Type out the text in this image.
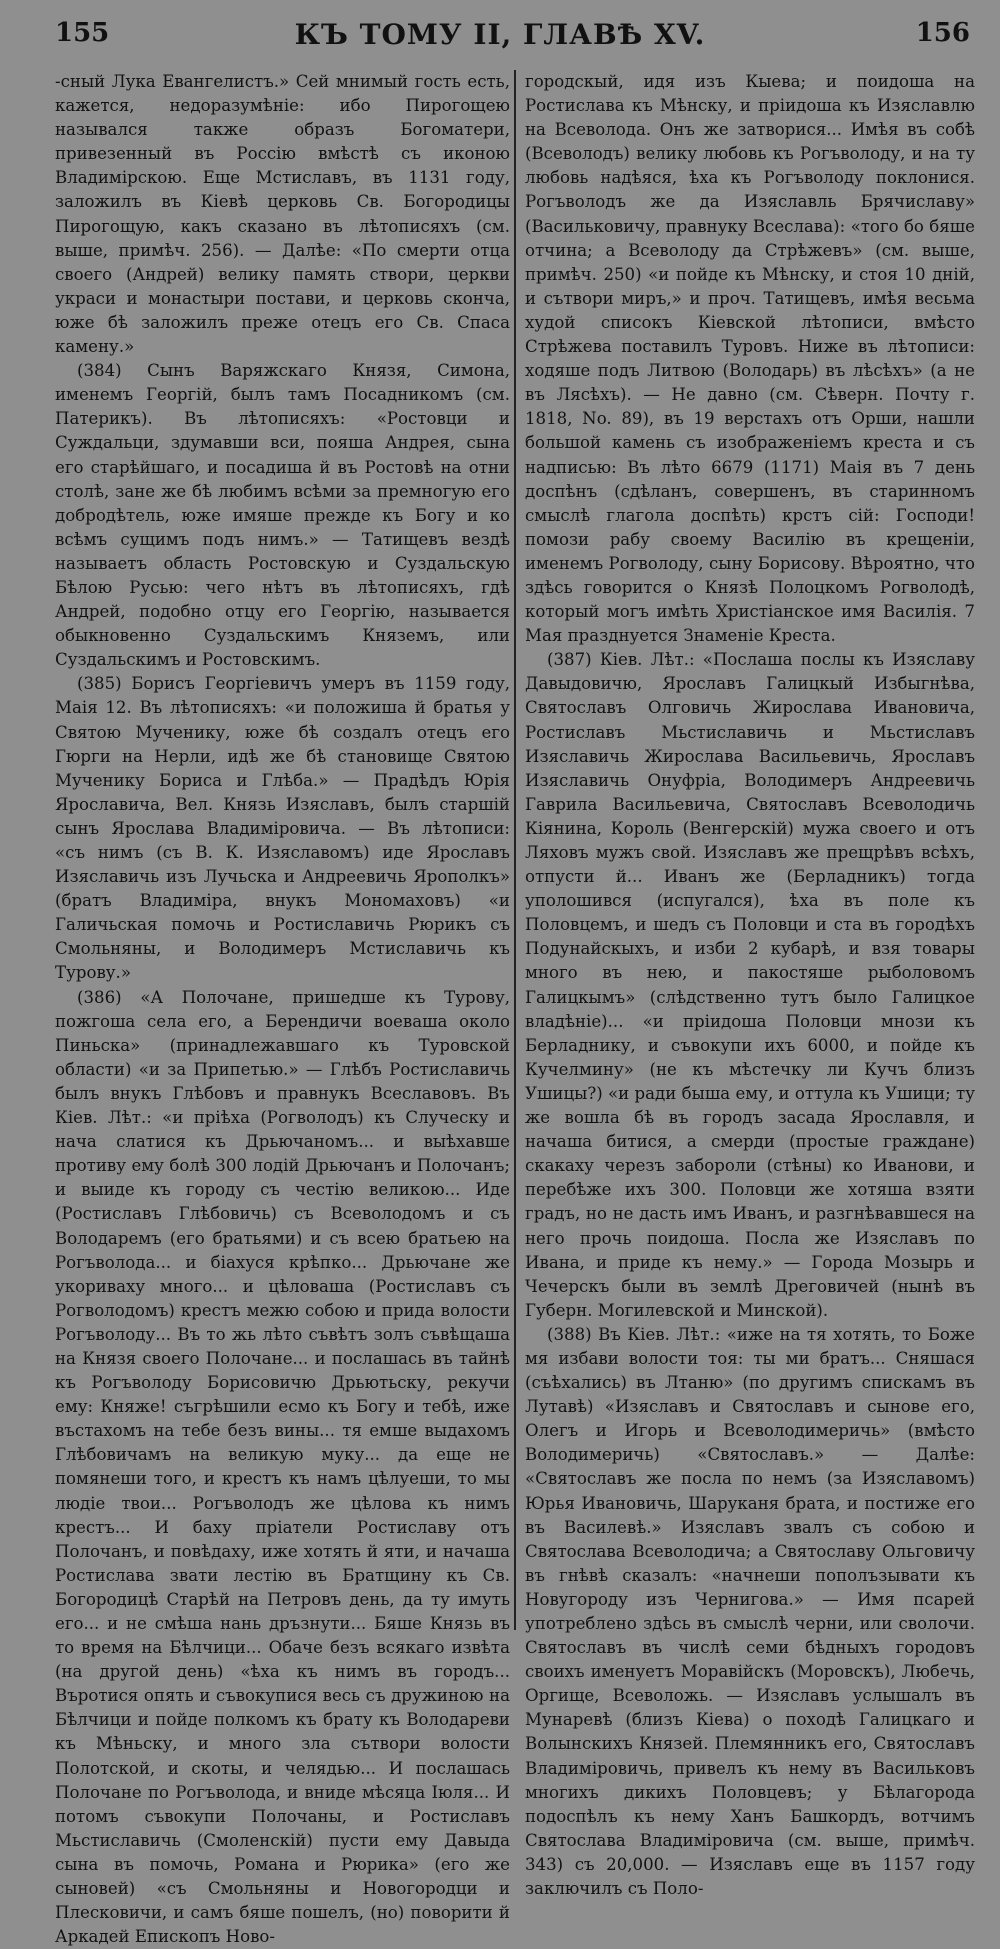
155	КЪ ТОМУ II, ГЛАВѢ XV.	156

-сный Лука Евангелистъ.» Сей мнимый гость есть, кажется, недоразумѣніе: ибо Пирогощею называлcя также образъ Богоматери, привезенный въ Россію вмѣстѣ съ иконою Владимірскою. Еще Мстиславъ, въ 1131 году, заложилъ въ Кіевѣ церковь Св. Богородицы Пирогощую, какъ сказано въ лѣтописяхъ (см. выше, примѣч. 256). — Далѣе: «По смерти отца своего (Андрей) велику память створи, церкви украси и монастыри постави, и церковь сконча, юже бѣ заложилъ преже отецъ его Св. Спаса камену.»

(384) Сынъ Варяжскаго Князя, Симона, именемъ Георгій, былъ тамъ Посадникомъ (см. Патерикъ). Въ лѣтописяхъ: «Ростовци и Суждальци, здумавши вси, пояша Андрея, сына его старѣйшаго, и посадиша й въ Ростовѣ на отни столѣ, зане же бѣ любимъ всѣми за премногую его добродѣтель, юже имяше прежде къ Богу и ко всѣмъ сущимъ подъ нимъ.» — Татищевъ вездѣ называетъ область Ростовскую и Суздальскую Бѣлою Русью: чего нѣтъ въ лѣтописяхъ, гдѣ Андрей, подобно отцу его Георгію, называется обыкновенно Суздальскимъ Княземъ, или Суздальскимъ и Ростовскимъ.

(385) Борисъ Георгіевичъ умеръ въ 1159 году, Маія 12. Въ лѣтописяхъ: «и положиша й братья у Святою Мученику, юже бѣ создалъ отецъ его Гюрги на Нерли, идѣ же бѣ становище Святою Мученику Бориса и Глѣба.» — Прадѣдъ Юрія Ярославича, Вел. Князь Изяславъ, былъ старшій сынъ Ярослава Владиміровича. — Въ лѣтописи: «съ нимъ (съ В. К. Изяславомъ) иде Ярославъ Изяславичь изъ Лучьска и Андреевичь Ярополкъ» (братъ Владиміра, внукъ Мономаховъ) «и Галичьская помочь и Ростиславичь Рюрикъ съ Смольняны, и Володимеръ Мстиславичь къ Турову.»

(386) «А Полочане, пришедше къ Турову, пожгоша села его, а Берендичи воеваша около Пиньска» (принадлежавшаго къ Туровской области) «и за Припетью.» — Глѣбъ Ростиславичь былъ внукъ Глѣбовъ и правнукъ Всеславовъ. Въ Кіев. Лѣт.: «и пріѣха (Рогволодъ) къ Случеску и нача слатися къ Дрьючаномъ... и выѣхавше противу ему болѣ 300 лодій Дрьючанъ и Полочанъ; и выиде къ городу съ честію великою... Иде (Ростиславъ Глѣбовичь) съ Всеволодомъ и съ Володаремъ (его братьями) и съ всею братьею на Рогъволода... и біахуся крѣпко... Дрьючане же укориваху много... и цѣловаша (Ростиславъ съ Рогволодомъ) крестъ межю собою и прида волости Рогъволоду... Въ то жь лѣто съвѣтъ золъ съвѣщаша на Князя своего Полочане... и послашась въ тайнѣ къ Рогъволоду Борисовичю Дрьютьску, рекучи ему: Княже! съгрѣшили есмо къ Богу и тебѣ, иже въстахомъ на тебе безъ вины... тя емше выдахомъ Глѣбовичамъ на великую муку... да еще не помянеши того, и крестъ къ намъ цѣлуеши, то мы людіе твои... Рогъволодъ же цѣлова къ нимъ крестъ... И баху пріатели Ростиславу отъ Полочанъ, и повѣдаху, иже хотять й яти, и начаша Ростислава звати лестію въ Братщину къ Св. Богородицѣ Старѣй на Петровъ день, да ту имуть его... и не смѣша нань дръзнути... Бяше Князь въ то время на Бѣлчици... Обаче безъ всякаго извѣта (на другой день) «ѣха къ нимъ въ городъ... Въротися опять и съвокупися весь съ дружиною на Бѣлчици и пойде полкомъ къ брату къ Володареви къ Мѣньску, и много зла сътвори волости Полотской, и скоты, и челядью... И послашась Полочане по Рогъволода, и вниде мѣсяца Іюля... И потомъ съвокупи Полочаны, и Ростиславъ Мьстиславичь (Смоленскій) пусти ему Давыда сына въ помочь, Романа и Рюрика» (его же сыновей) «съ Смольняны и Новогородци и Плесковичи, и самъ бяше пошелъ, (но) поворити й Аркадей Епископъ Ново-

городскый, идя изъ Кыева; и поидоша на Ростислава къ Мѣнску, и пріидоша къ Изяславлю на Всеволода. Онъ же затворися... Имѣя въ собѣ (Всеволодъ) велику любовь къ Рогъволоду, и на ту любовь надѣяся, ѣха къ Рогъволоду поклонися. Рогъволодъ же да Изяславль Брячиславу» (Васильковичу, правнуку Всеслава): «того бо бяше отчина; а Всеволоду да Стрѣжевъ» (см. выше, примѣч. 250) «и пойде къ Мѣнску, и стоя 10 дній, и сътвори миръ,» и проч. Татищевъ, имѣя весьма худой списокъ Кіевской лѣтописи, вмѣсто Стрѣжева поставилъ Туровъ. Ниже въ лѣтописи: ходяше подъ Литвою (Володарь) въ лѣсѣхъ» (а не въ Лясѣхъ). — Не давно (см. Сѣверн. Почту г. 1818, No. 89), въ 19 верстахъ отъ Орши, нашли большой камень съ изображеніемъ креста и съ надписью: Въ лѣто 6679 (1171) Маія въ 7 день доспѣнъ (сдѣланъ, совершенъ, въ старинномъ смыслѣ глагола доспѣть) крстъ сій: Господи! помози рабу своему Василію въ крещеніи, именемъ Рогволоду, сыну Борисову. Вѣроятно, что здѣсь говорится о Князѣ Полоцкомъ Рогволодѣ, который могъ имѣть Христіанское имя Василія. 7 Мая празднуется Знаменіе Креста.

(387) Кіев. Лѣт.: «Послаша послы къ Изяславу Давыдовичю, Ярославъ Галицкый Избыгнѣва, Святославъ Олговичь Жирослава Ивановича, Ростиславъ Мьстиславичь и Мьстиславъ Изяславичь Жирослава Васильевичь, Ярославъ Изяславичь Онуфріа, Володимеръ Андреевичь Гаврила Васильевича, Святославъ Всеволодичь Кіянина, Король (Венгерскій) мужа своего и отъ Ляховъ мужъ свой. Изяславъ же прещрѣвъ всѣхъ, отпусти й... Иванъ же (Берладникъ) тогда уполошився (испугался), ѣха въ поле къ Половцемъ, и шедъ съ Половци и ста въ городѣхъ Подунайскыхъ, и изби 2 кубарѣ, и взя товары много въ нею, и пакостяше рыболовомъ Галицкымъ» (слѣдственно тутъ было Галицкое владѣніе)... «и пріидоша Половци мнози къ Берладнику, и съвокупи ихъ 6000, и пойде къ Кучелмину» (не къ мѣстечку ли Кучъ близъ Ушицы?) «и ради быша ему, и оттула къ Ушици; ту же вошла бѣ въ городъ засада Ярославля, и начаша битися, а смерди (простые граждане) скакаху черезъ забороли (стѣны) ко Иванови, и перебѣже ихъ 300. Половци же хотяша взяти градъ, но не дасть имъ Иванъ, и разгнѣвавшеся на него прочь поидоша. Посла же Изяславъ по Ивана, и приде къ нему.» — Города Мозырь и Чечерскъ были въ землѣ Дреговичей (нынѣ въ Губерн. Могилевской и Минской).

(388) Въ Кіев. Лѣт.: «иже на тя хотять, то Боже мя избави волости тоя: ты ми братъ... Сняшася (съѣхались) въ Лтаню» (по другимъ спискамъ въ Лутавѣ) «Изяславъ и Святославъ и сынове его, Олегъ и Игорь и Всеволодимеричь» (вмѣсто Володимеричь) «Святославъ.» — Далѣе: «Святославъ же посла по немъ (за Изяславомъ) Юрья Ивановичь, Шаруканя брата, и постиже его въ Василевѣ.» Изяславъ звалъ съ собою и Святослава Всеволодича; а Святославу Ольговичу въ гнѣвѣ сказалъ: «начнеши пополъзывати къ Новугороду изъ Чернигова.» — Имя псарей употреблено здѣсь въ смыслѣ черни, или сволочи. Святославъ въ числѣ семи бѣдныхъ городовъ своихъ именуетъ Моравійскъ (Моровскъ), Любечь, Оргище, Всеволожь. — Изяславъ услышалъ въ Мунаревѣ (близъ Кіева) о походѣ Галицкаго и Волынскихъ Князей. Племянникъ его, Святославъ Владиміровичь, привелъ къ нему въ Васильковъ многихъ дикихъ Половцевъ; у Бѣлагорода подоспѣлъ къ нему Ханъ Башкордъ, вотчимъ Святослава Владиміровича (см. выше, примѣч. 343) съ 20,000. — Изяславъ еще въ 1157 году заключилъ съ Поло-
